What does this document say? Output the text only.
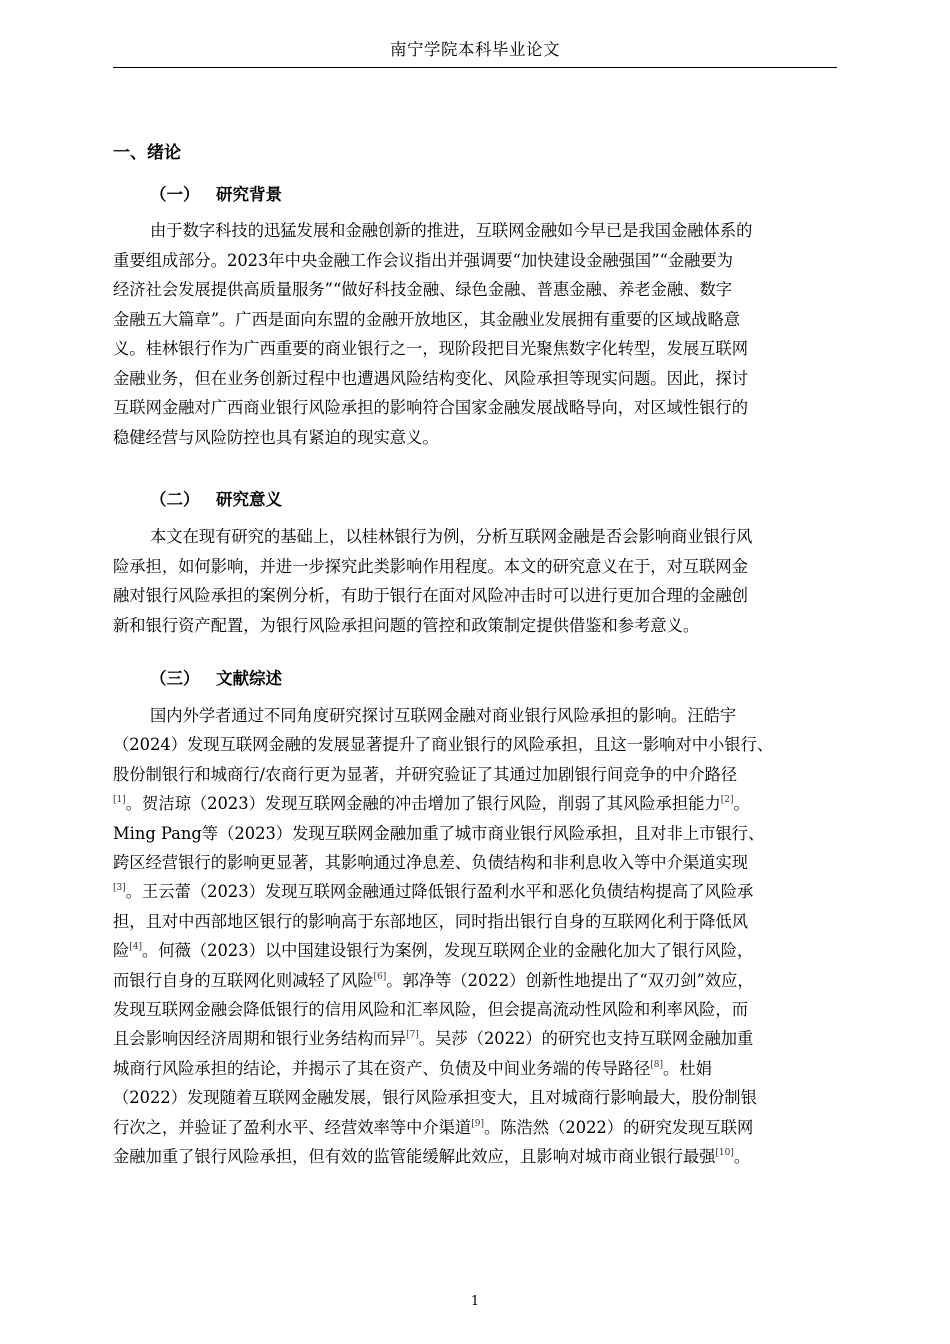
南宁学院本科毕业论文
一、绪论
（一） 研究背景
由于数字科技的迅猛发展和金融创新的推进，互联网金融如今早已是我国金融体系的
重要组成部分。2023年中央金融工作会议指出并强调要“加快建设金融强国”“金融要为
经济社会发展提供高质量服务”“做好科技金融、绿色金融、普惠金融、养老金融、数字
金融五大篇章”。广西是面向东盟的金融开放地区，其金融业发展拥有重要的区域战略意
义。桂林银行作为广西重要的商业银行之一，现阶段把目光聚焦数字化转型，发展互联网
金融业务，但在业务创新过程中也遭遇风险结构变化、风险承担等现实问题。因此，探讨
互联网金融对广西商业银行风险承担的影响符合国家金融发展战略导向，对区域性银行的
稳健经营与风险防控也具有紧迫的现实意义。
（二） 研究意义
本文在现有研究的基础上，以桂林银行为例，分析互联网金融是否会影响商业银行风
险承担，如何影响，并进一步探究此类影响作用程度。本文的研究意义在于，对互联网金
融对银行风险承担的案例分析，有助于银行在面对风险冲击时可以进行更加合理的金融创
新和银行资产配置，为银行风险承担问题的管控和政策制定提供借鉴和参考意义。
（三） 文献综述
国内外学者通过不同角度研究探讨互联网金融对商业银行风险承担的影响。汪皓宇
（2024）发现互联网金融的发展显著提升了商业银行的风险承担，且这一影响对中小银行、
股份制银行和城商行/农商行更为显著，并研究验证了其通过加剧银行间竞争的中介路径
[1]。贺洁琼（2023）发现互联网金融的冲击增加了银行风险，削弱了其风险承担能力[2]。
Ming Pang等（2023）发现互联网金融加重了城市商业银行风险承担，且对非上市银行、
跨区经营银行的影响更显著，其影响通过净息差、负债结构和非利息收入等中介渠道实现
[3]。王云蕾（2023）发现互联网金融通过降低银行盈利水平和恶化负债结构提高了风险承
担，且对中西部地区银行的影响高于东部地区，同时指出银行自身的互联网化利于降低风
险[4]。何薇（2023）以中国建设银行为案例，发现互联网企业的金融化加大了银行风险，
而银行自身的互联网化则减轻了风险[6]。郭净等（2022）创新性地提出了“双刃剑”效应，
发现互联网金融会降低银行的信用风险和汇率风险，但会提高流动性风险和利率风险，而
且会影响因经济周期和银行业务结构而异[7]。吴莎（2022）的研究也支持互联网金融加重
城商行风险承担的结论，并揭示了其在资产、负债及中间业务端的传导路径[8]。杜娟
（2022）发现随着互联网金融发展，银行风险承担变大，且对城商行影响最大，股份制银
行次之，并验证了盈利水平、经营效率等中介渠道[9]。陈浩然（2022）的研究发现互联网
金融加重了银行风险承担，但有效的监管能缓解此效应，且影响对城市商业银行最强[10]。
1
